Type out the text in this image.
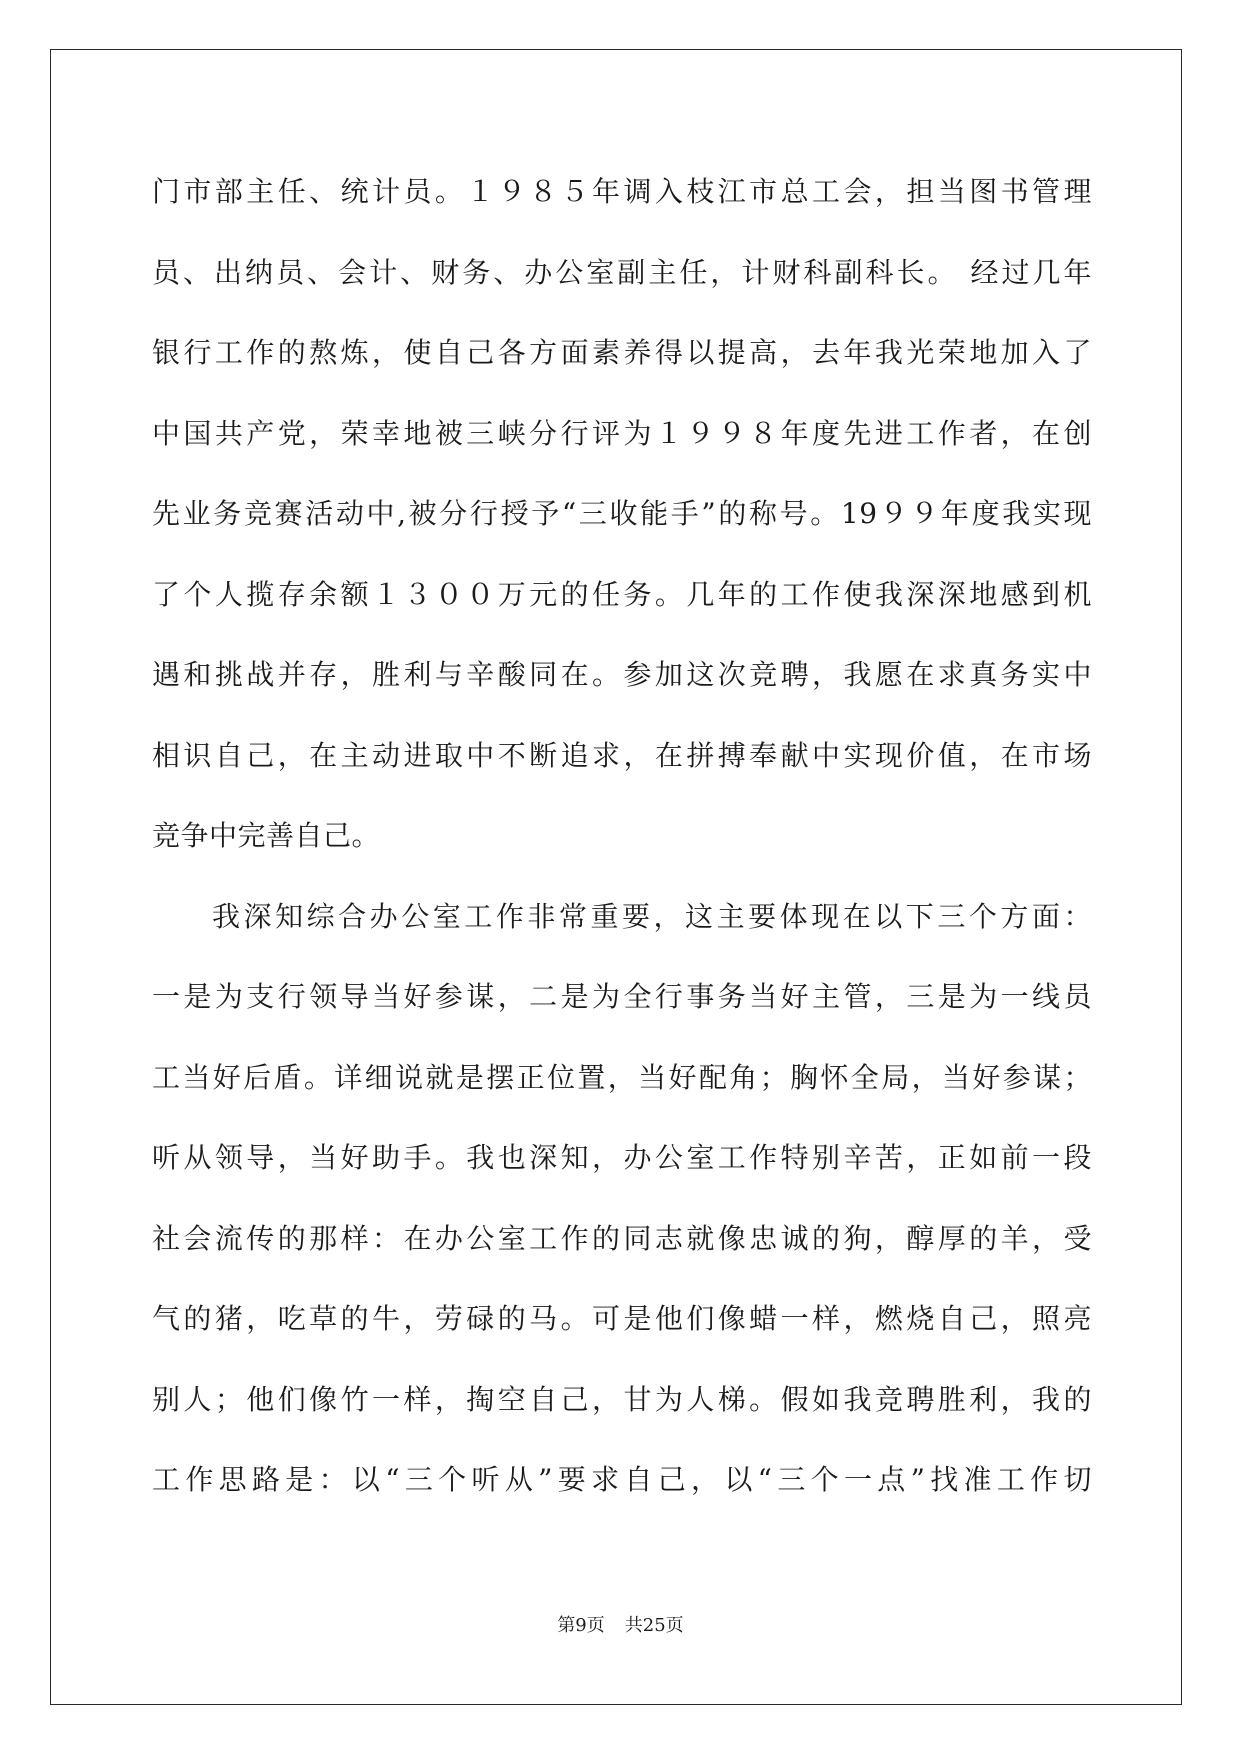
门市部主任、统计员。１９８５年调入枝江市总工会，担当图书管理
员、出纳员、会计、财务、办公室副主任，计财科副科长。 经过几年
银行工作的熬炼，使自己各方面素养得以提高，去年我光荣地加入了
中国共产党，荣幸地被三峡分行评为１９９８年度先进工作者，在创
先业务竞赛活动中,被分行授予“三收能手”的称号。19９９年度我实现
了个人揽存余额１３００万元的任务。几年的工作使我深深地感到机
遇和挑战并存，胜利与辛酸同在。参加这次竞聘，我愿在求真务实中
相识自己，在主动进取中不断追求，在拼搏奉献中实现价值，在市场
竞争中完善自己。
我深知综合办公室工作非常重要，这主要体现在以下三个方面：
一是为支行领导当好参谋，二是为全行事务当好主管，三是为一线员
工当好后盾。详细说就是摆正位置，当好配角；胸怀全局，当好参谋；
听从领导，当好助手。我也深知，办公室工作特别辛苦，正如前一段
社会流传的那样：在办公室工作的同志就像忠诚的狗，醇厚的羊，受
气的猪，吃草的牛，劳碌的马。可是他们像蜡一样，燃烧自己，照亮
别人；他们像竹一样，掏空自己，甘为人梯。假如我竞聘胜利，我的
工作思路是：以“三个听从”要求自己，以“三个一点”找准工作切
第9页 共25页
